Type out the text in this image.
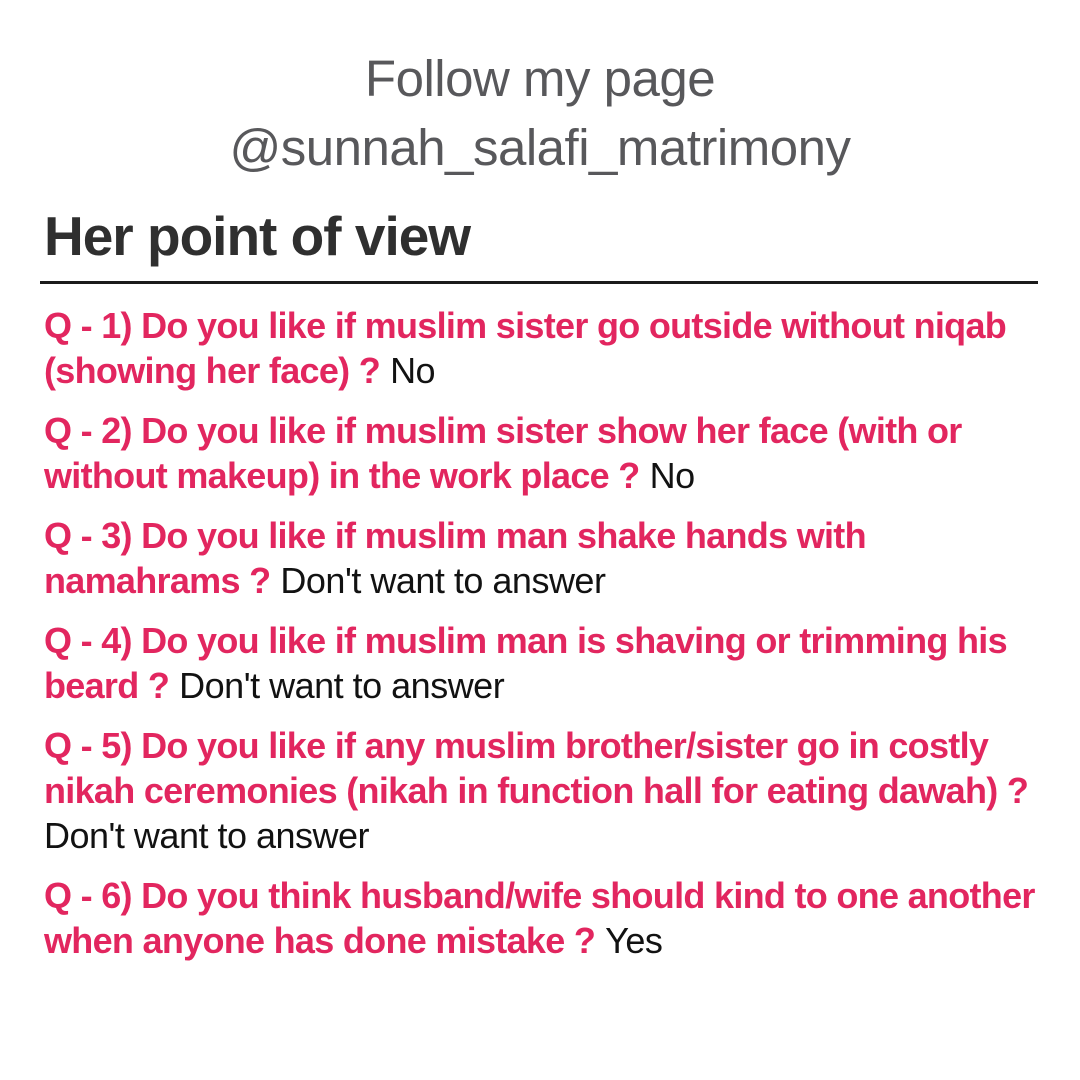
Follow my page
@sunnah_salafi_matrimony
Her point of view

Q - 1) Do you like if muslim sister go outside without niqab (showing her face) ? No

Q - 2) Do you like if muslim sister show her face (with or without makeup) in the work place ? No

Q - 3) Do you like if muslim man shake hands with namahrams ? Don't want to answer

Q - 4) Do you like if muslim man is shaving or trimming his beard ? Don't want to answer

Q - 5) Do you like if any muslim brother/sister go in costly nikah ceremonies (nikah in function hall for eating dawah) ? Don't want to answer

Q - 6) Do you think husband/wife should kind to one another when anyone has done mistake ? Yes
